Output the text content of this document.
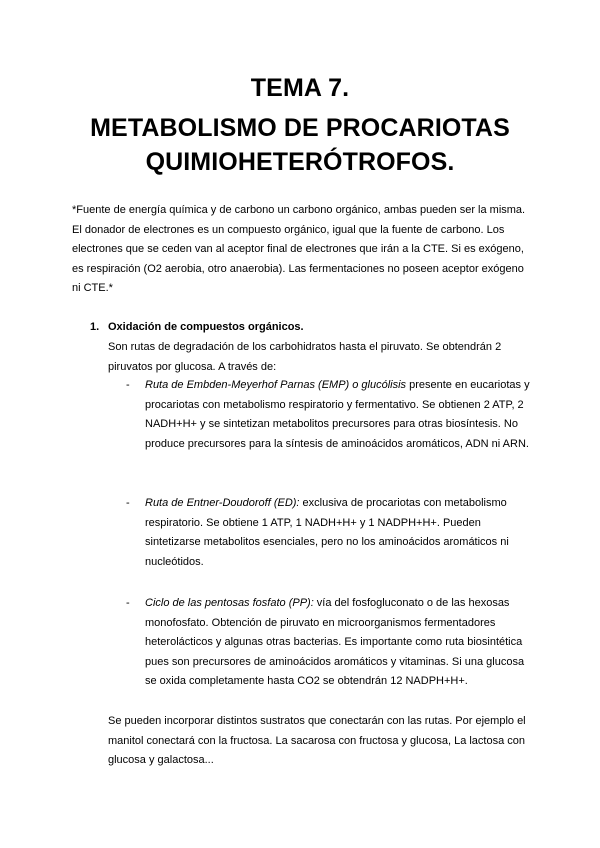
TEMA 7.
METABOLISMO DE PROCARIOTAS
QUIMIOHETERÓTROFOS.
*Fuente de energía química y de carbono un carbono orgánico, ambas pueden ser la misma. El donador de electrones es un compuesto orgánico, igual que la fuente de carbono. Los electrones que se ceden van al aceptor final de electrones que irán a la CTE. Si es exógeno, es respiración (O2 aerobia, otro anaerobia). Las fermentaciones no poseen aceptor exógeno ni CTE.*
1. Oxidación de compuestos orgánicos.
Son rutas de degradación de los carbohidratos hasta el piruvato. Se obtendrán 2 piruvatos por glucosa. A través de:
- Ruta de Embden-Meyerhof Parnas (EMP) o glucólisis presente en eucariotas y procariotas con metabolismo respiratorio y fermentativo. Se obtienen 2 ATP, 2 NADH+H+ y se sintetizan metabolitos precursores para otras biosíntesis. No produce precursores para la síntesis de aminoácidos aromáticos, ADN ni ARN.
- Ruta de Entner-Doudoroff (ED): exclusiva de procariotas con metabolismo respiratorio. Se obtiene 1 ATP, 1 NADH+H+ y 1 NADPH+H+. Pueden sintetizarse metabolitos esenciales, pero no los aminoácidos aromáticos ni nucleótidos.
- Ciclo de las pentosas fosfato (PP): vía del fosfogluconato o de las hexosas monofosfato. Obtención de piruvato en microorganismos fermentadores heterolácticos y algunas otras bacterias. Es importante como ruta biosintética pues son precursores de aminoácidos aromáticos y vitaminas. Si una glucosa se oxida completamente hasta CO2 se obtendrán 12 NADPH+H+.
Se pueden incorporar distintos sustratos que conectarán con las rutas. Por ejemplo el manitol conectará con la fructosa. La sacarosa con fructosa y glucosa, La lactosa con glucosa y galactosa...
